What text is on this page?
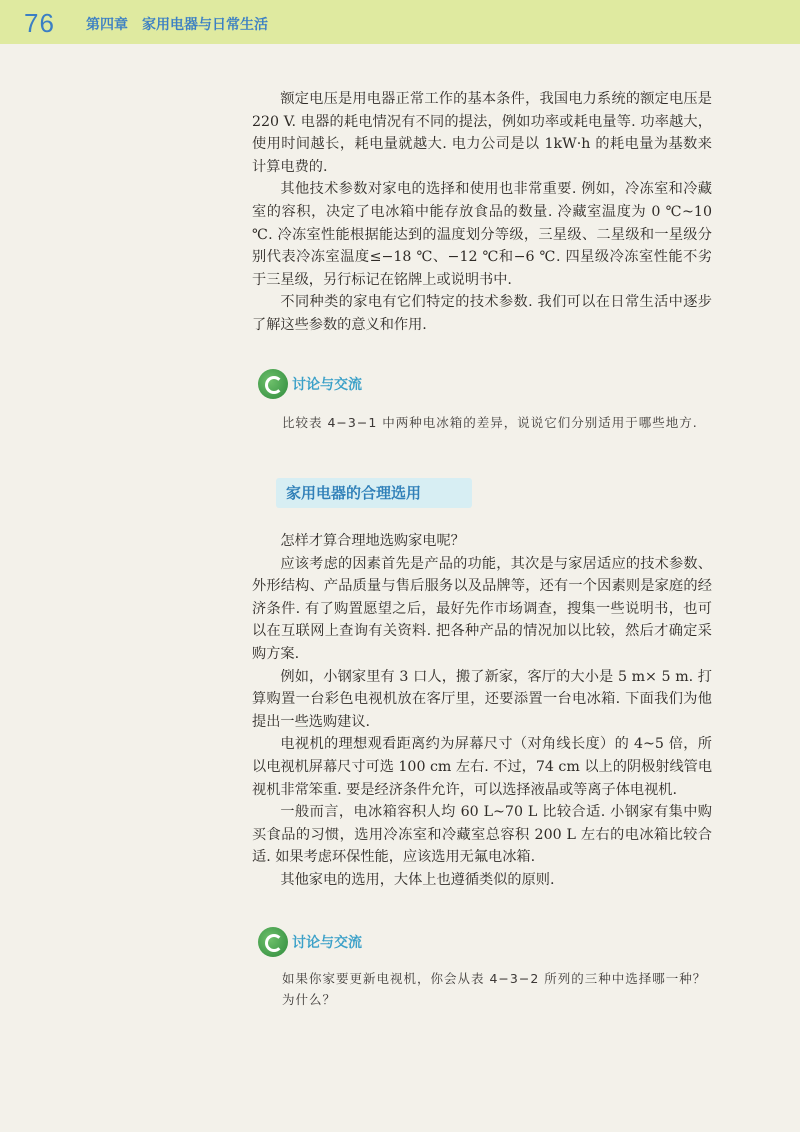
76 第四章　家用电器与日常生活

额定电压是用电器正常工作的基本条件，我国电力系统的额定电压是 220 V. 电器的耗电情况有不同的提法，例如功率或耗电量等. 功率越大，使用时间越长，耗电量就越大. 电力公司是以 1kW·h 的耗电量为基数来计算电费的.

其他技术参数对家电的选择和使用也非常重要. 例如，冷冻室和冷藏室的容积，决定了电冰箱中能存放食品的数量. 冷藏室温度为 0 ℃~10 ℃. 冷冻室性能根据能达到的温度划分等级，三星级、二星级和一星级分别代表冷冻室温度≤−18 ℃、−12 ℃和−6 ℃. 四星级冷冻室性能不劣于三星级，另行标记在铭牌上或说明书中.

不同种类的家电有它们特定的技术参数. 我们可以在日常生活中逐步了解这些参数的意义和作用.

讨论与交流
比较表 4−3−1 中两种电冰箱的差异，说说它们分别适用于哪些地方.
家用电器的合理选用

怎样才算合理地选购家电呢？

应该考虑的因素首先是产品的功能，其次是与家居适应的技术参数、外形结构、产品质量与售后服务以及品牌等，还有一个因素则是家庭的经济条件. 有了购置愿望之后，最好先作市场调查，搜集一些说明书，也可以在互联网上查询有关资料. 把各种产品的情况加以比较，然后才确定采购方案.

例如，小钢家里有 3 口人，搬了新家，客厅的大小是 5 m× 5 m. 打算购置一台彩色电视机放在客厅里，还要添置一台电冰箱. 下面我们为他提出一些选购建议.

电视机的理想观看距离约为屏幕尺寸（对角线长度）的 4~5 倍，所以电视机屏幕尺寸可选 100 cm 左右. 不过，74 cm 以上的阴极射线管电视机非常笨重. 要是经济条件允许，可以选择液晶或等离子体电视机.

一般而言，电冰箱容积人均 60 L~70 L 比较合适. 小钢家有集中购买食品的习惯，选用冷冻室和冷藏室总容积 200 L 左右的电冰箱比较合适. 如果考虑环保性能，应该选用无氟电冰箱.

其他家电的选用，大体上也遵循类似的原则.

讨论与交流
如果你家要更新电视机，你会从表 4−3−2 所列的三种中选择哪一种？为什么？
